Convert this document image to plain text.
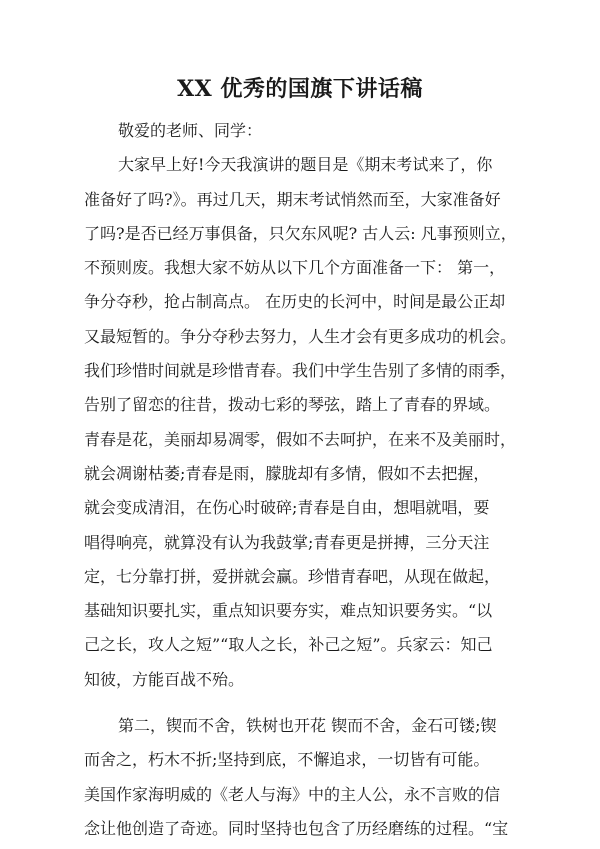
XX 优秀的国旗下讲话稿
敬爱的老师、同学：
大家早上好!今天我演讲的题目是《期末考试来了，你
准备好了吗?》。再过几天，期末考试悄然而至，大家准备好
了吗?是否已经万事俱备，只欠东风呢? 古人云: 凡事预则立，
不预则废。我想大家不妨从以下几个方面准备一下： 第一，
争分夺秒，抢占制高点。 在历史的长河中，时间是最公正却
又最短暂的。争分夺秒去努力，人生才会有更多成功的机会。
我们珍惜时间就是珍惜青春。我们中学生告别了多情的雨季，
告别了留恋的往昔，拨动七彩的琴弦，踏上了青春的界域。
青春是花，美丽却易凋零，假如不去呵护，在来不及美丽时，
就会凋谢枯萎;青春是雨，朦胧却有多情，假如不去把握，
就会变成清泪，在伤心时破碎;青春是自由，想唱就唱，要
唱得响亮，就算没有认为我鼓掌;青春更是拼搏，三分天注
定，七分靠打拼，爱拼就会赢。珍惜青春吧，从现在做起，
基础知识要扎实，重点知识要夯实，难点知识要务实。“以
己之长，攻人之短”“取人之长，补己之短”。兵家云：知己
知彼，方能百战不殆。
第二，锲而不舍，铁树也开花 锲而不舍，金石可镂;锲
而舍之，朽木不折;坚持到底，不懈追求，一切皆有可能。
美国作家海明威的《老人与海》中的主人公，永不言败的信
念让他创造了奇迹。同时坚持也包含了历经磨练的过程。“宝
